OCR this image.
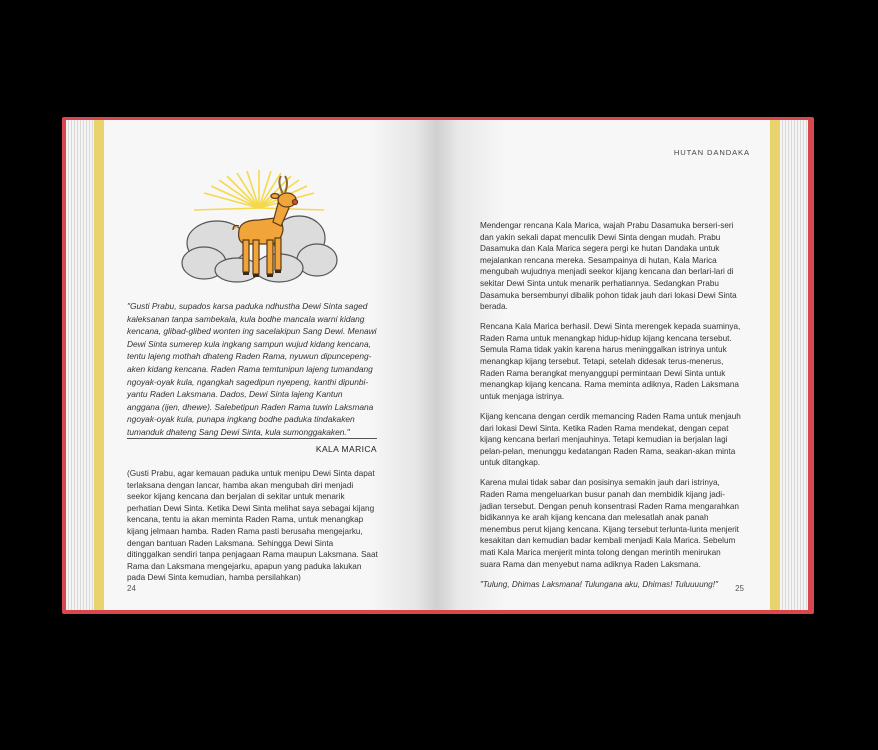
"Gusti Prabu, supados karsa paduka ndhustha Dewi Sinta saged kaleksanan tanpa sambekala, kula bodhe mancala warni kidang kencana, glibad-glibed wonten ing sacelakipun Sang Dewi. Menawi Dewi Sinta sumerep kula ingkang sampun wujud kidang kencana, tentu lajeng mothah dhateng Raden Rama, nyuwun dipuncepeng-aken kidang kencana. Raden Rama temtunipun lajeng tumandang ngoyak-oyak kula, ngangkah sagedipun nyepeng, kanthi dipunbi-yantu Raden Laksmana. Dados, Dewi Sinta lajeng Kantun anggana (ijen, dhewe). Salebetipun Raden Rama tuwin Laksmana ngoyak-oyak kula, punapa ingkang bodhe paduka tindakaken tumanduk dhateng Sang Dewi Sinta, kula sumonggakaken."

KALA MARICA

(Gusti Prabu, agar kemauan paduka untuk menipu Dewi Sinta dapat terlaksana dengan lancar, hamba akan mengubah diri menjadi seekor kijang kencana dan berjalan di sekitar untuk menarik perhatian Dewi Sinta. Ketika Dewi Sinta melihat saya sebagai kijang kencana, tentu ia akan meminta Raden Rama, untuk menangkap kijang jelmaan hamba. Raden Rama pasti berusaha mengejarku, dengan bantuan Raden Laksmana. Sehingga Dewi Sinta ditinggalkan sendiri tanpa penjagaan Rama maupun Laksmana. Saat Rama dan Laksmana mengejarku, apapun yang paduka lakukan pada Dewi Sinta kemudian, hamba persilahkan)

24
HUTAN DANDAKA

Mendengar rencana Kala Marica, wajah Prabu Dasamuka berseri-seri dan yakin sekali dapat menculik Dewi Sinta dengan mudah. Prabu Dasamuka dan Kala Marica segera pergi ke hutan Dandaka untuk mejalankan rencana mereka. Sesampainya di hutan, Kala Marica mengubah wujudnya menjadi seekor kijang kencana dan berlari-lari di sekitar Dewi Sinta untuk menarik perhatiannya. Sedangkan Prabu Dasamuka bersembunyi dibalik pohon tidak jauh dari lokasi Dewi Sinta berada.

Rencana Kala Marica berhasil. Dewi Sinta merengek kepada suaminya, Raden Rama untuk menangkap hidup-hidup kijang kencana tersebut. Semula Rama tidak yakin karena harus meninggalkan istrinya untuk menangkap kijang tersebut. Tetapi, setelah didesak terus-menerus, Raden Rama berangkat menyanggupi permintaan Dewi Sinta untuk menangkap kijang kencana. Rama meminta adiknya, Raden Laksmana untuk menjaga istrinya.

Kijang kencana dengan cerdik memancing Raden Rama untuk menjauh dari lokasi Dewi Sinta. Ketika Raden Rama mendekat, dengan cepat kijang kencana berlari menjauhinya. Tetapi kemudian ia berjalan lagi pelan-pelan, menunggu kedatangan Raden Rama, seakan-akan minta untuk ditangkap.

Karena mulai tidak sabar dan posisinya semakin jauh dari istrinya, Raden Rama mengeluarkan busur panah dan membidik kijang jadi-jadian tersebut. Dengan penuh konsentrasi Raden Rama mengarahkan bidikannya ke arah kijang kencana dan melesatlah anak panah menembus perut kijang kencana. Kijang tersebut terlunta-lunta menjerit kesakitan dan kemudian badar kembali menjadi Kala Marica. Sebelum mati Kala Marica menjerit minta tolong dengan merintih menirukan suara Rama dan menyebut nama adiknya Raden Laksmana.

"Tulung, Dhimas Laksmana! Tulungana aku, Dhimas! Tuluuuung!"	25
